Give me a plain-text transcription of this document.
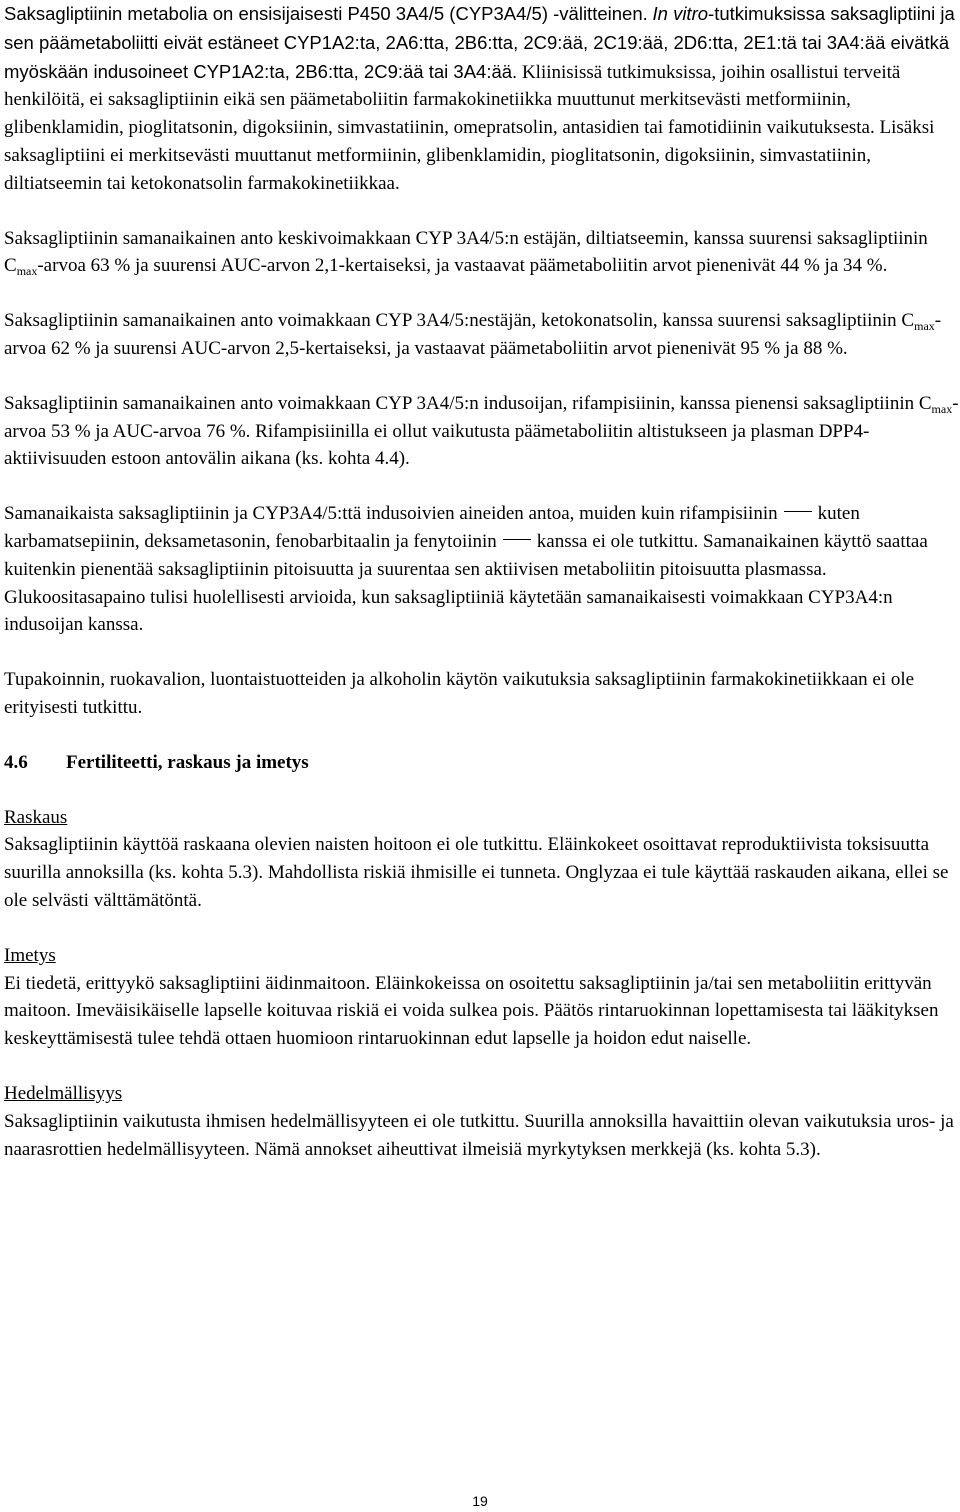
Saksagliptiinin metabolia on ensisijaisesti P450 3A4/5 (CYP3A4/5) -välitteinen. In vitro-tutkimuksissa saksagliptiini ja sen päämetaboliitti eivät estäneet CYP1A2:ta, 2A6:tta, 2B6:tta, 2C9:ää, 2C19:ää, 2D6:tta, 2E1:tä tai 3A4:ää eivätkä myöskään indusoineet CYP1A2:ta, 2B6:tta, 2C9:ää tai 3A4:ää. Kliinisissä tutkimuksissa, joihin osallistui terveitä henkilöitä, ei saksagliptiinin eikä sen päämetaboliitin farmakokinetiikka muuttunut merkitsevästi metformiinin, glibenklamidin, pioglitatsonin, digoksiinin, simvastatiinin, omepratsolin, antasidien tai famotidiinin vaikutuksesta. Lisäksi saksagliptiini ei merkitsevästi muuttanut metformiinin, glibenklamidin, pioglitatsonin, digoksiinin, simvastatiinin, diltiatseemin tai ketokonatsolin farmakokinetiikkaa.

Saksagliptiinin samanaikainen anto keskivoimakkaan CYP 3A4/5:n estäjän, diltiatseemin, kanssa suurensi saksagliptiinin $C_{max}$-arvoa 63 % ja suurensi AUC-arvon 2,1-kertaiseksi, ja vastaavat päämetaboliitin arvot pienenivät 44 % ja 34 %.

Saksagliptiinin samanaikainen anto voimakkaan CYP 3A4/5:nestäjän, ketokonatsolin, kanssa suurensi saksagliptiinin $C_{max}$-arvoa 62 % ja suurensi AUC-arvon 2,5-kertaiseksi, ja vastaavat päämetaboliitin arvot pienenivät 95 % ja 88 %.

Saksagliptiinin samanaikainen anto voimakkaan CYP 3A4/5:n indusoijan, rifampisiinin, kanssa pienensi saksagliptiinin $C_{max}$-arvoa 53 % ja AUC-arvoa 76 %. Rifampisiinilla ei ollut vaikutusta päämetaboliitin altistukseen ja plasman DPP4-aktiivisuuden estoon antovälin aikana (ks. kohta 4.4).

Samanaikaista saksagliptiinin ja CYP3A4/5:ttä indusoivien aineiden antoa, muiden kuin rifampisiinin kuten karbamatsepiinin, deksametasonin, fenobarbitaalin ja fenytoiinin kanssa ei ole tutkittu. Samanaikainen käyttö saattaa kuitenkin pienentää saksagliptiinin pitoisuutta ja suurentaa sen aktiivisen metaboliitin pitoisuutta plasmassa. Glukoositasapaino tulisi huolellisesti arvioida, kun saksagliptiiniä käytetään samanaikaisesti voimakkaan CYP3A4:n indusoijan kanssa.

Tupakoinnin, ruokavalion, luontaistuotteiden ja alkoholin käytön vaikutuksia saksagliptiinin farmakokinetiikkaan ei ole erityisesti tutkittu.

4.6 Fertiliteetti, raskaus ja imetys

Raskaus

Saksagliptiinin käyttöä raskaana olevien naisten hoitoon ei ole tutkittu. Eläinkokeet osoittavat reproduktiivista toksisuutta suurilla annoksilla (ks. kohta 5.3). Mahdollista riskiä ihmisille ei tunneta. Onglyzaa ei tule käyttää raskauden aikana, ellei se ole selvästi välttämätöntä.

Imetys

Ei tiedetä, erittyykö saksagliptiini äidinmaitoon. Eläinkokeissa on osoitettu saksagliptiinin ja/tai sen metaboliitin erittyvän maitoon. Imeväisikäiselle lapselle koituvaa riskiä ei voida sulkea pois. Päätös rintaruokinnan lopettamisesta tai lääkityksen keskeyttämisestä tulee tehdä ottaen huomioon rintaruokinnan edut lapselle ja hoidon edut naiselle.

Hedelmällisyys

Saksagliptiinin vaikutusta ihmisen hedelmällisyyteen ei ole tutkittu. Suurilla annoksilla havaittiin olevan vaikutuksia uros- ja naarasrottien hedelmällisyyteen. Nämä annokset aiheuttivat ilmeisiä myrkytyksen merkkejä (ks. kohta 5.3).

19
